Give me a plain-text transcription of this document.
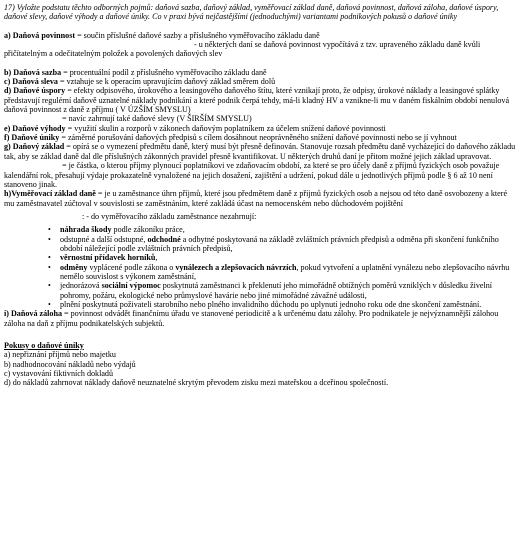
17) Vyložte podstatu těchto odborných pojmů: daňová sazba, daňový základ, vyměřovací základ daně, daňová povinnost, daňová záloha, daňové úspory, daňové slevy, daňové výhody a daňové úniky. Co v praxi bývá nejčastějšími (jednoduchými) variantami podnikových pokusů o daňové úniky

a) Daňová povinnost = součin příslušné daňové sazby a příslušného vyměřovacího základu daně

- u některých daní se daňová povinnost vypočítává z tzv. upraveného základu daně kvůli přičítatelným a odečitatelným položek a povolených daňových slev

b) Daňová sazba = procentuální podíl z příslušného vyměřovacího základu daně

c) Daňová sleva = vztahuje se k operacím upravujícím daňový základ směrem dolů

d) Daňové úspory = efekty odpisového, úrokového a leasingového daňového štítu, které vznikají proto, že odpisy, úrokové náklady a leasingové splátky představují regulérní daňově uznatelné náklady podnikání a které podnik čerpá tehdy, má-li kladný HV a vznikne-li mu v daném fiskálním období nenulová daňová povinnost z daně z příjmu ( V ÚZŠÍM SMYSLU)

= navíc zahrnují také daňové slevy (V ŠIRŠÍM SMYSLU)

e) Daňové výhody = využití skulin a rozporů v zákonech daňovým poplatníkem za účelem snížení daňové povinnosti

f) Daňové úniky = záměrné porušování daňových předpisů s cílem dosáhnout neoprávněného snížení daňové povinnosti nebo se jí vyhnout

g) Daňový základ = opírá se o vymezení předmětu daně, který musí být přesně definován. Stanovuje rozsah předmětu daně vycházející do daňového základu tak, aby se základ daně dal dle příslušných zákonných pravidel přesně kvantifikovat. U některých druhů daní je přitom možné jejich základ upravovat.

= je částka, o kterou příjmy plynoucí poplatníkovi ve zdaňovacím období, za které se pro účely daně z příjmů fyzických osob považuje kalendářní rok, přesahují výdaje prokazatelně vynaložené na jejich dosažení, zajištění a udržení, pokud dále u jednotlivých příjmů podle § 6 až 10 není stanoveno jinak.

h)Vyměřovací základ daně = je u zaměstnance úhrn příjmů, které jsou předmětem daně z příjmů fyzických osob a nejsou od této daně osvobozeny a které mu zaměstnavatel zúčtoval v souvislosti se zaměstnáním, které zakládá účast na nemocenském nebo důchodovém pojištění

: - do vyměřovacího základu zaměstnance nezahrnují:

• náhrada škody podle zákoníku práce,
• odstupné a další odstupné, odchodné a odbytné poskytovaná na základě zvláštních právních předpisů a odměna při skončení funkčního období náležející podle zvláštních právních předpisů,
• věrnostní přídavek horníků,
• odměny vyplácené podle zákona o vynálezech a zlepšovacích návrzích, pokud vytvoření a uplatnění vynálezu nebo zlepšovacího návrhu nemělo souvislost s výkonem zaměstnání,
• jednorázová sociální výpomoc poskytnutá zaměstnanci k překlenutí jeho mimořádně obtížných poměrů vzniklých v důsledku živelní pohromy, požáru, ekologické nebo průmyslové havárie nebo jiné mimořádné závažné události,
• plnění poskytnutá poživateli starobního nebo plného invalidního důchodu po uplynutí jednoho roku ode dne skončení zaměstnání.

i) Daňová záloha = povinnost odvádět finančnímu úřadu ve stanovené periodicitě a k určenému datu zálohy. Pro podnikatele je nejvýznamnější zálohou záloha na daň z příjmu podnikatelských subjektů.

Pokusy o daňové úniky

a) nepřiznání příjmů nebo majetku

b) nadhodnocování nákladů nebo výdajů

c) vystavování fiktivních dokladů

d) do nákladů zahrnovat náklady daňově neuznatelné skrytým převodem zisku mezi mateřskou a dceřinou společností.
